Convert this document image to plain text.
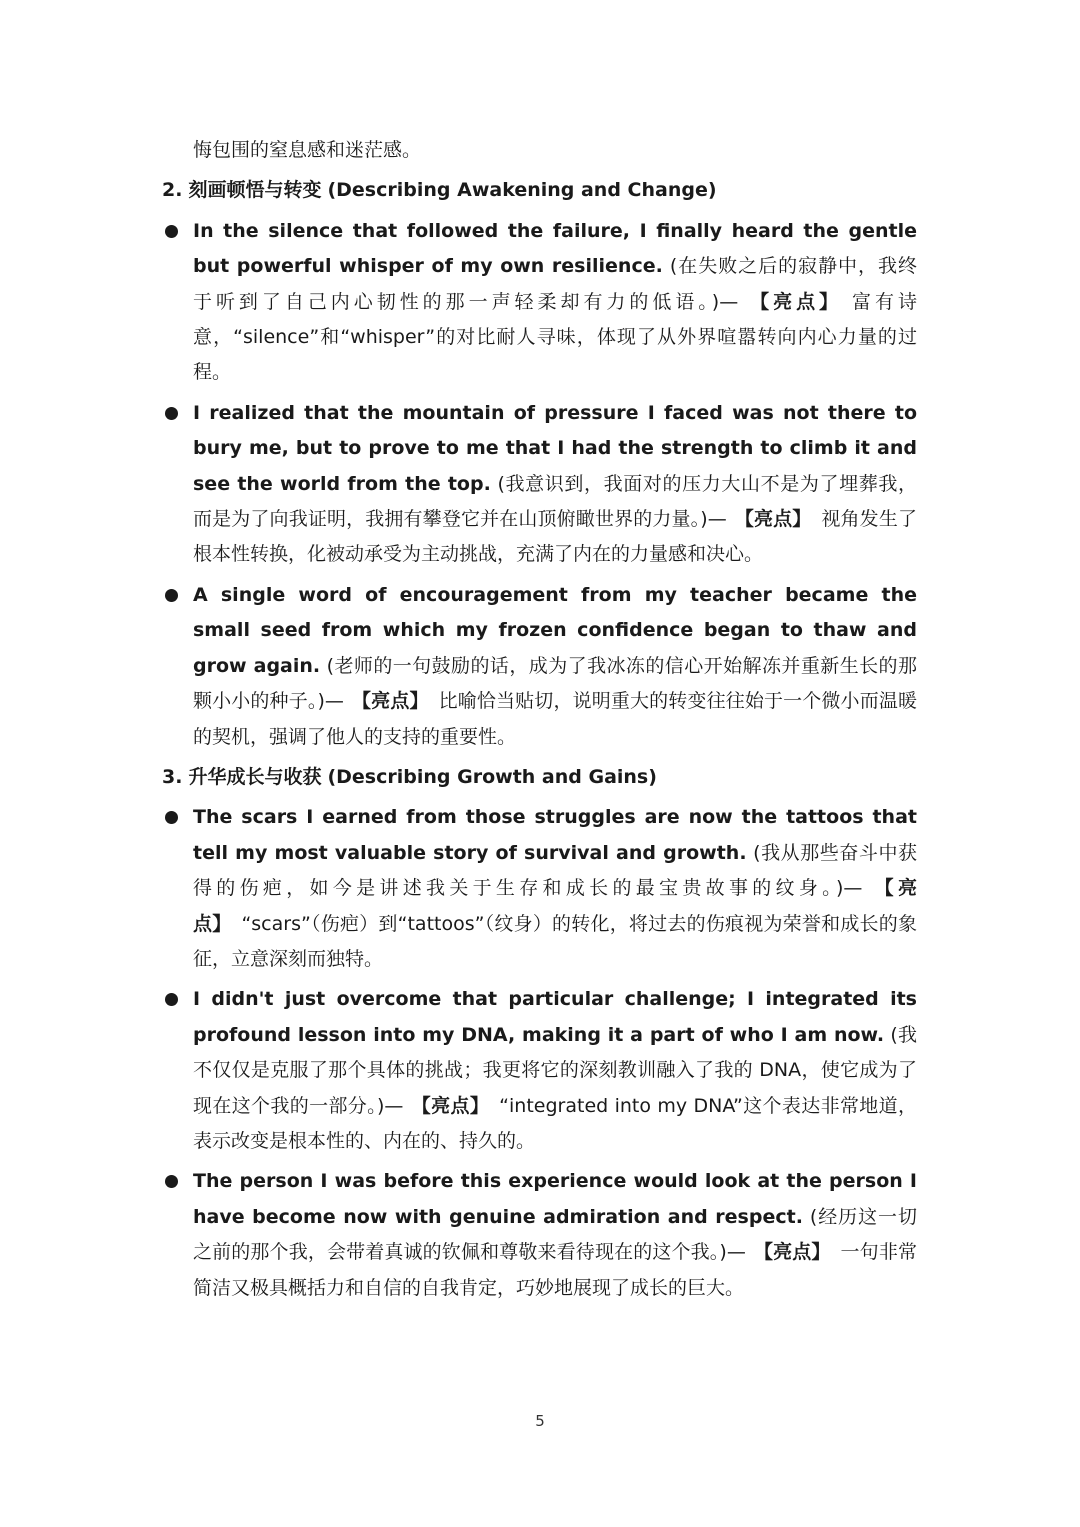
悔包围的窒息感和迷茫感。
2. 刻画顿悟与转变 (Describing Awakening and Change)
In the silence that followed the failure, I finally heard the gentle but powerful whisper of my own resilience. (在失败之后的寂静中，我终于听到了自己内心韧性的那一声轻柔却有力的低语。)— 【亮点】 富有诗意，“silence”和“whisper”的对比耐人寻味，体现了从外界喧嚣转向内心力量的过程。
I realized that the mountain of pressure I faced was not there to bury me, but to prove to me that I had the strength to climb it and see the world from the top. (我意识到，我面对的压力大山不是为了埋葬我，而是为了向我证明，我拥有攀登它并在山顶俯瞰世界的力量。)— 【亮点】 视角发生了根本性转换，化被动承受为主动挑战，充满了内在的力量感和决心。
A single word of encouragement from my teacher became the small seed from which my frozen confidence began to thaw and grow again. (老师的一句鼓励的话，成为了我冰冻的信心开始解冻并重新生长的那颗小小的种子。)— 【亮点】 比喻恰当贴切，说明重大的转变往往始于一个微小而温暖的契机，强调了他人的支持的重要性。
3. 升华成长与收获 (Describing Growth and Gains)
The scars I earned from those struggles are now the tattoos that tell my most valuable story of survival and growth. (我从那些奋斗中获得的伤疤，如今是讲述我关于生存和成长的最宝贵故事的纹身。)— 【亮点】 “scars”（伤疤）到“tattoos”（纹身）的转化，将过去的伤痕视为荣誉和成长的象征，立意深刻而独特。
I didn't just overcome that particular challenge; I integrated its profound lesson into my DNA, making it a part of who I am now. (我不仅仅是克服了那个具体的挑战；我更将它的深刻教训融入了我的 DNA，使它成为了现在这个我的一部分。)— 【亮点】 “integrated into my DNA”这个表达非常地道，表示改变是根本性的、内在的、持久的。
The person I was before this experience would look at the person I have become now with genuine admiration and respect. (经历这一切之前的那个我，会带着真诚的钦佩和尊敬来看待现在的这个我。)— 【亮点】 一句非常简洁又极具概括力和自信的自我肯定，巧妙地展现了成长的巨大。
5
